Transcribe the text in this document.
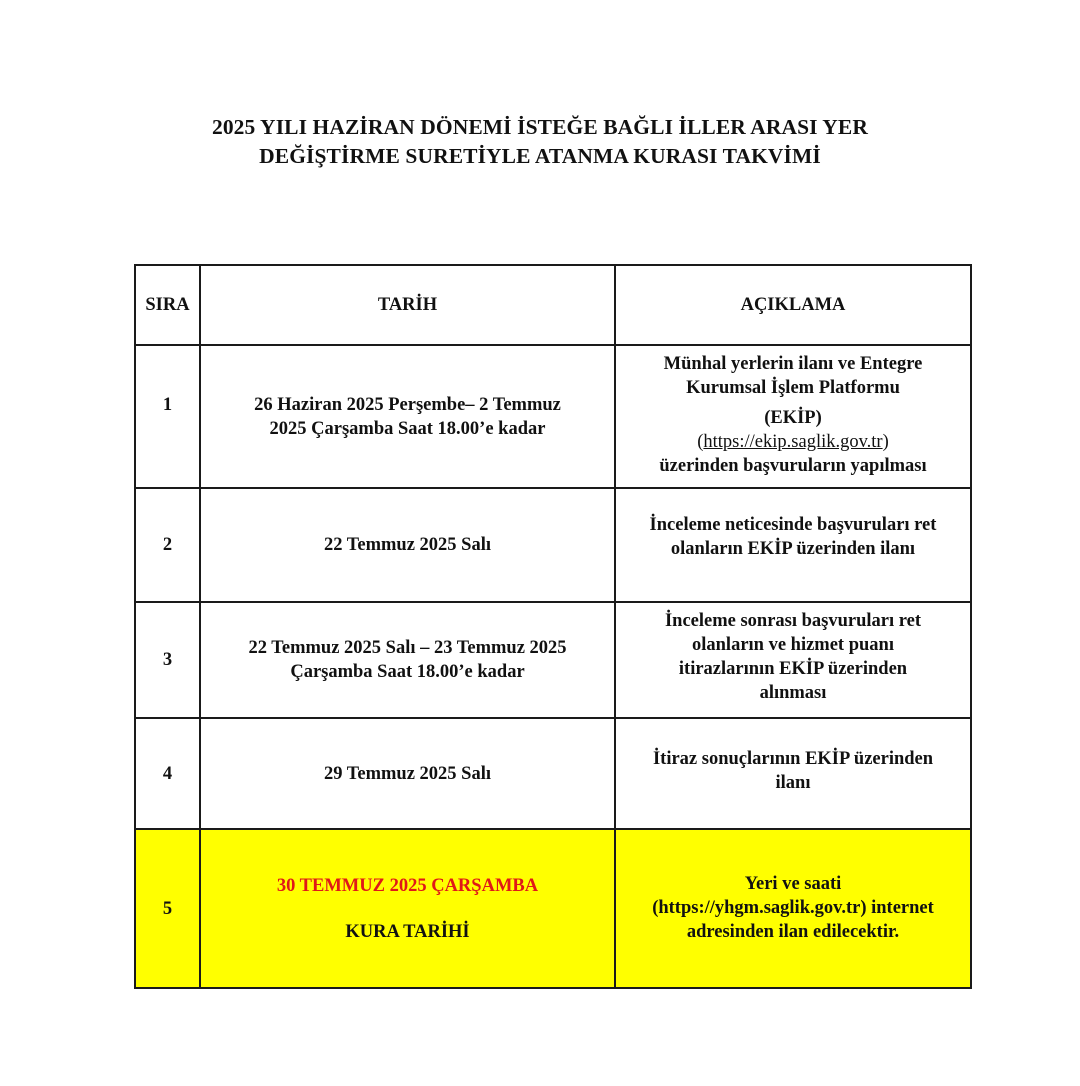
2025 YILI HAZİRAN DÖNEMİ İSTEĞE BAĞLI İLLER ARASI YER
DEĞİŞTİRME SURETİYLE ATANMA KURASI TAKVİMİ
SIRA	TARİH	AÇIKLAMA
1	26 Haziran 2025 Perşembe– 2 Temmuz
2025 Çarşamba Saat 18.00’e kadar	Münhal yerlerin ilanı ve Entegre
Kurumsal İşlem Platformu
(EKİP)
(https://ekip.saglik.gov.tr)
üzerinden başvuruların yapılması

2	22 Temmuz 2025 Salı	İnceleme neticesinde başvuruları ret
olanların EKİP üzerinden ilanı

3	22 Temmuz 2025 Salı – 23 Temmuz 2025
Çarşamba Saat 18.00’e kadar	İnceleme sonrası başvuruları ret
olanların ve hizmet puanı
itirazlarının EKİP üzerinden
alınması

4	29 Temmuz 2025 Salı	İtiraz sonuçlarının EKİP üzerinden
ilanı

5	30 TEMMUZ 2025 ÇARŞAMBA
KURA TARİHİ	Yeri ve saati
(https://yhgm.saglik.gov.tr) internet
adresinden ilan edilecektir.
